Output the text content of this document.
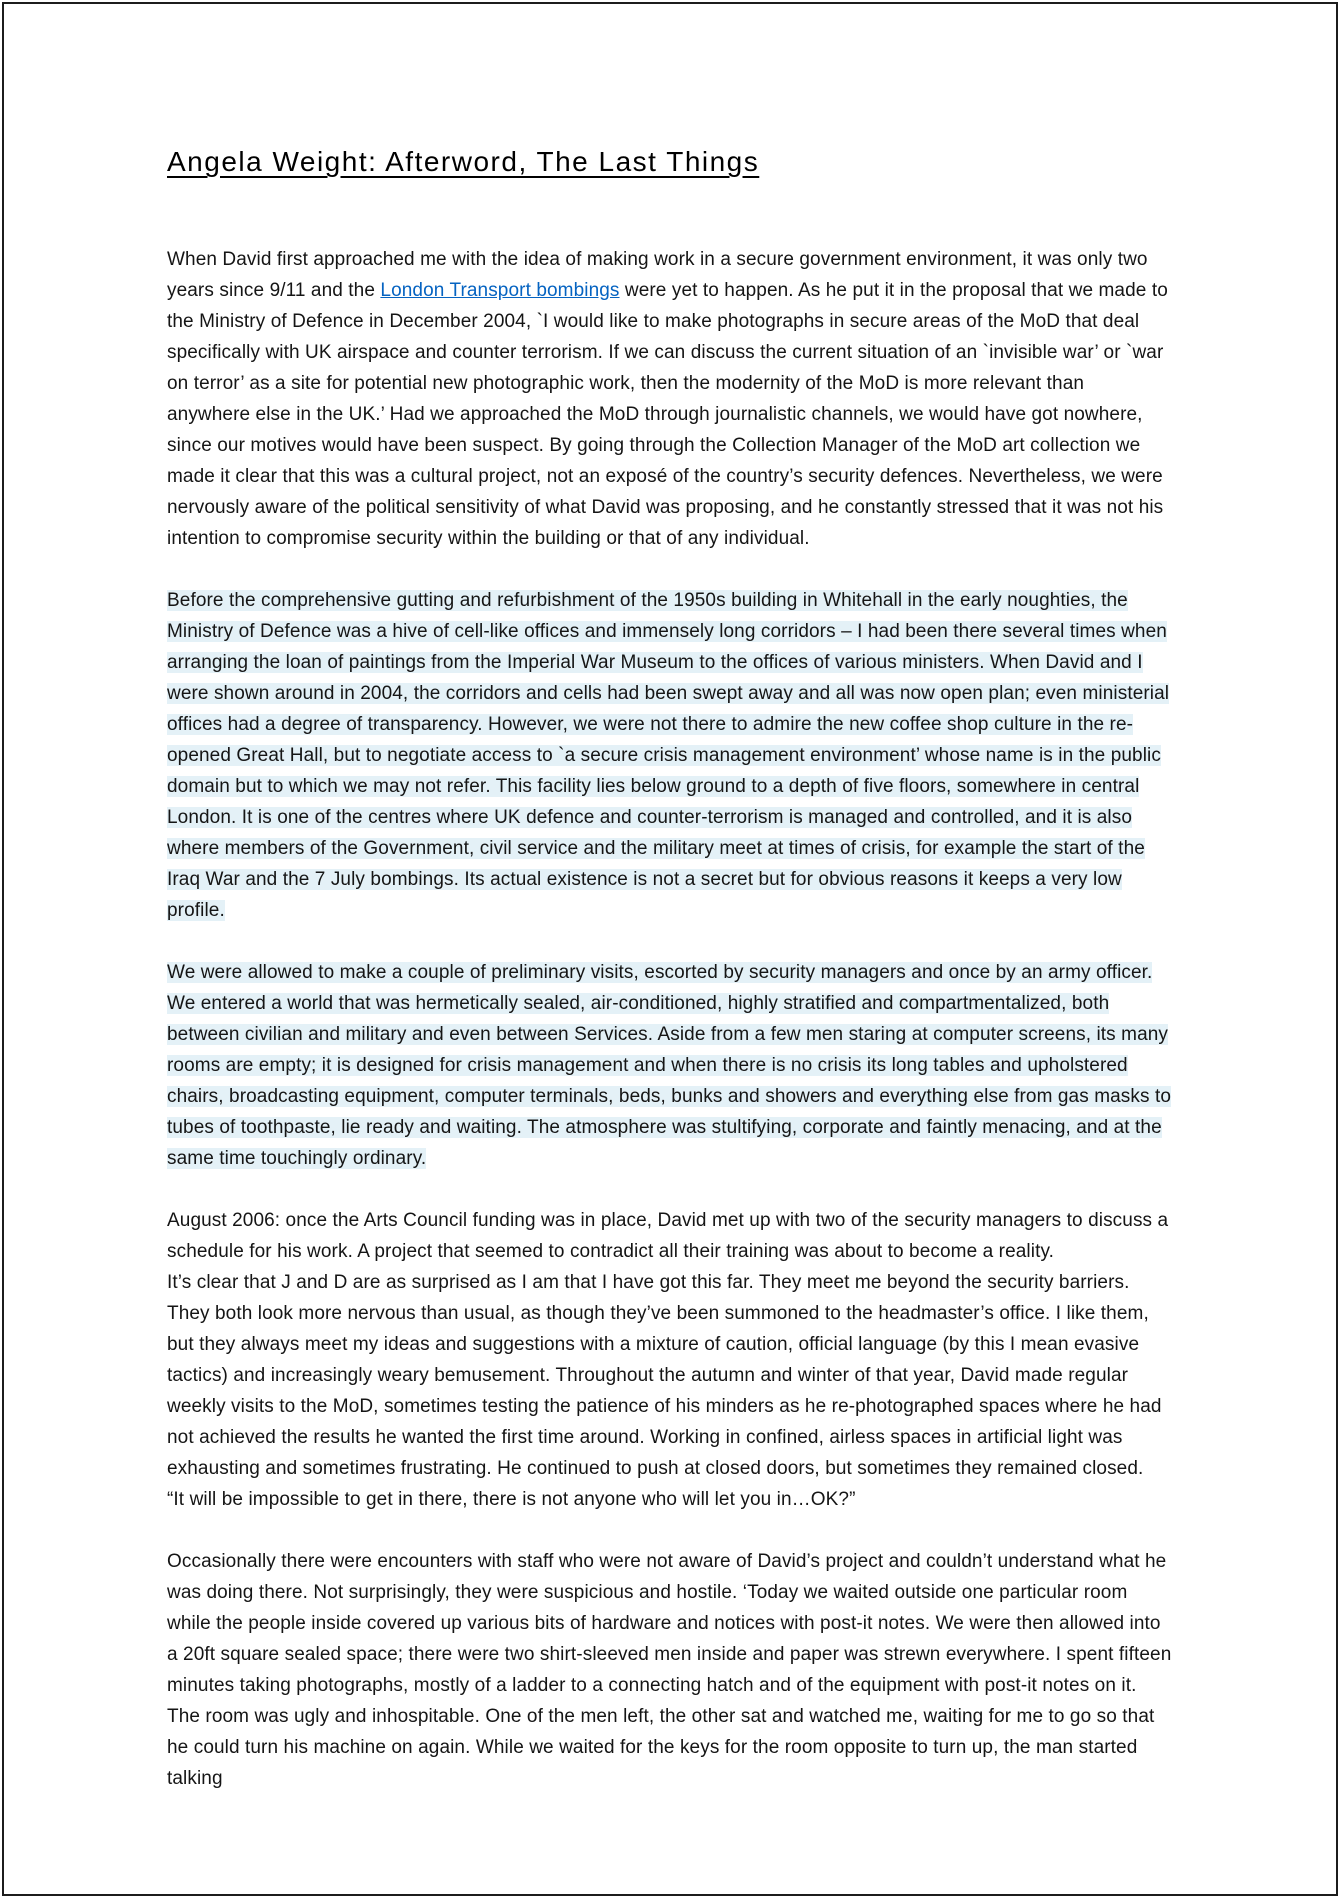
Angela Weight: Afterword, The Last Things

When David first approached me with the idea of making work in a secure government environment, it was only two years since 9/11 and the London Transport bombings were yet to happen. As he put it in the proposal that we made to the Ministry of Defence in December 2004, `I would like to make photographs in secure areas of the MoD that deal specifically with UK airspace and counter terrorism. If we can discuss the current situation of an `invisible war’ or `war on terror’ as a site for potential new photographic work, then the modernity of the MoD is more relevant than anywhere else in the UK.’ Had we approached the MoD through journalistic channels, we would have got nowhere, since our motives would have been suspect. By going through the Collection Manager of the MoD art collection we made it clear that this was a cultural project, not an exposé of the country’s security defences. Nevertheless, we were nervously aware of the political sensitivity of what David was proposing, and he constantly stressed that it was not his intention to compromise security within the building or that of any individual.

Before the comprehensive gutting and refurbishment of the 1950s building in Whitehall in the early noughties, the Ministry of Defence was a hive of cell-like offices and immensely long corridors – I had been there several times when arranging the loan of paintings from the Imperial War Museum to the offices of various ministers. When David and I were shown around in 2004, the corridors and cells had been swept away and all was now open plan; even ministerial offices had a degree of transparency. However, we were not there to admire the new coffee shop culture in the re-opened Great Hall, but to negotiate access to `a secure crisis management environment’ whose name is in the public domain but to which we may not refer. This facility lies below ground to a depth of five floors, somewhere in central London. It is one of the centres where UK defence and counter-terrorism is managed and controlled, and it is also where members of the Government, civil service and the military meet at times of crisis, for example the start of the Iraq War and the 7 July bombings. Its actual existence is not a secret but for obvious reasons it keeps a very low profile.

We were allowed to make a couple of preliminary visits, escorted by security managers and once by an army officer. We entered a world that was hermetically sealed, air-conditioned, highly stratified and compartmentalized, both between civilian and military and even between Services. Aside from a few men staring at computer screens, its many rooms are empty; it is designed for crisis management and when there is no crisis its long tables and upholstered chairs, broadcasting equipment, computer terminals, beds, bunks and showers and everything else from gas masks to tubes of toothpaste, lie ready and waiting. The atmosphere was stultifying, corporate and faintly menacing, and at the same time touchingly ordinary.

August 2006: once the Arts Council funding was in place, David met up with two of the security managers to discuss a schedule for his work. A project that seemed to contradict all their training was about to become a reality.
It’s clear that J and D are as surprised as I am that I have got this far. They meet me beyond the security barriers. They both look more nervous than usual, as though they’ve been summoned to the headmaster’s office. I like them, but they always meet my ideas and suggestions with a mixture of caution, official language (by this I mean evasive tactics) and increasingly weary bemusement. Throughout the autumn and winter of that year, David made regular weekly visits to the MoD, sometimes testing the patience of his minders as he re-photographed spaces where he had not achieved the results he wanted the first time around. Working in confined, airless spaces in artificial light was exhausting and sometimes frustrating. He continued to push at closed doors, but sometimes they remained closed.
“It will be impossible to get in there, there is not anyone who will let you in…OK?”

Occasionally there were encounters with staff who were not aware of David’s project and couldn’t understand what he was doing there. Not surprisingly, they were suspicious and hostile. ‘Today we waited outside one particular room while the people inside covered up various bits of hardware and notices with post-it notes. We were then allowed into a 20ft square sealed space; there were two shirt-sleeved men inside and paper was strewn everywhere. I spent fifteen minutes taking photographs, mostly of a ladder to a connecting hatch and of the equipment with post-it notes on it. The room was ugly and inhospitable. One of the men left, the other sat and watched me, waiting for me to go so that he could turn his machine on again. While we waited for the keys for the room opposite to turn up, the man started talking
